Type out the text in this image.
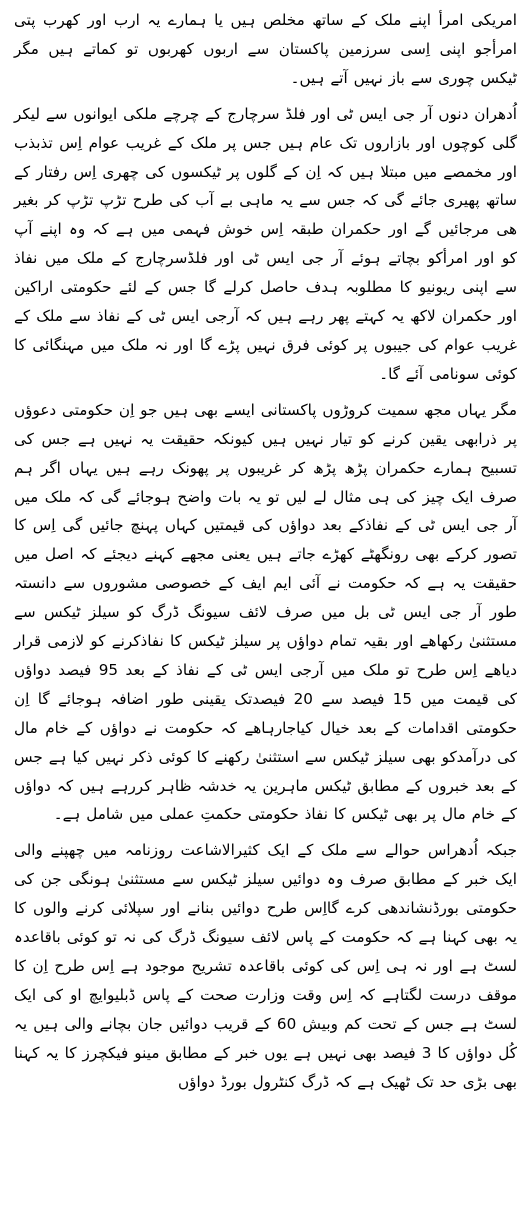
امریکی امرأ اپنے ملک کے ساتھ مخلص ہیں یا ہمارے یہ ارب اور کھرب پتی امرأجو اپنی اِسی سرزمین پاکستان سے اربوں کھربوں تو کماتے ہیں مگر ٹیکس چوری سے باز نہیں آتے ہیں۔

اُدھران دنوں آر جی ایس ٹی اور فلڈ سرچارج کے چرچے ملکی ایوانوں سے لیکر گلی کوچوں اور بازاروں تک عام ہیں جس پر ملک کے غریب عوام اِس تذبذب اور مخمصے میں مبتلا ہیں کہ اِن کے گلوں پر ٹیکسوں کی چھری اِس رفتار کے ساتھ پھیری جائے گی کہ جس سے یہ ماہی بے آب کی طرح تڑپ تڑپ کر بغیر ھی مرجائیں گے اور حکمران طبقہ اِس خوش فہمی میں ہے کہ وہ اپنے آپ کو اور امرأکو بچاتے ہوئے آر جی ایس ٹی اور فلڈسرچارج کے ملک میں نفاذ سے اپنی ریونیو کا مطلوبہ ہدف حاصل کرلے گا جس کے لئے حکومتی اراکین اور حکمران لاکھ یہ کہتے پھر رہے ہیں کہ آرجی ایس ٹی کے نفاذ سے ملک کے غریب عوام کی جیبوں پر کوئی فرق نہیں پڑے گا اور نہ ملک میں مہنگائی کا کوئی سونامی آئے گا۔

مگر یہاں مجھ سمیت کروڑوں پاکستانی ایسے بھی ہیں جو اِن حکومتی دعوؤں پر ذرابھی یقین کرنے کو تیار نہیں ہیں کیونکہ حقیقت یہ نہیں ہے جس کی تسبیح ہمارے حکمران پڑھ پڑھ کر غریبوں پر پھونک رہے ہیں یہاں اگر ہم صرف ایک چیز کی ہی مثال لے لیں تو یہ بات واضح ہوجائے گی کہ ملک میں آر جی ایس ٹی کے نفاذکے بعد دواؤں کی قیمتیں کہاں پہنچ جائیں گی اِس کا تصور کرکے بھی رونگھٹے کھڑے جاتے ہیں یعنی مجھے کہنے دیجئے کہ اصل میں حقیقت یہ ہے کہ حکومت نے آئی ایم ایف کے خصوصی مشوروں سے دانستہ طور آر جی ایس ٹی بل میں صرف لائف سیونگ ڈرگ کو سیلز ٹیکس سے مستثنیٰ رکھاھے اور بقیہ تمام دواؤں پر سیلز ٹیکس کا نفاذکرنے کو لازمی قرار دیاھے اِس طرح تو ملک میں آرجی ایس ٹی کے نفاذ کے بعد 95 فیصد دواؤں کی قیمت میں 15 فیصد سے 20 فیصدتک یقینی طور اضافہ ہوجائے گا اِن حکومتی اقدامات کے بعد خیال کیاجارہاھے کہ حکومت نے دواؤں کے خام مال کی درآمدکو بھی سیلز ٹیکس سے استثنیٰ رکھنے کا کوئی ذکر نہیں کیا ہے جس کے بعد خبروں کے مطابق ٹیکس ماہرین یہ خدشہ ظاہر کررہے ہیں کہ دواؤں کے خام مال پر بھی ٹیکس کا نفاذ حکومتی حکمتِ عملی میں شامل ہے۔

جبکہ اُدھراس حوالے سے ملک کے ایک کثیرالاشاعت روزنامہ میں چھپنے والی ایک خبر کے مطابق صرف وہ دوائیں سیلز ٹیکس سے مستثنیٰ ہونگی جن کی حکومتی بورڈنشاندھی کرے گااِس طرح دوائیں بنانے اور سپلائی کرنے والوں کا یہ بھی کہنا ہے کہ حکومت کے پاس لائف سیونگ ڈرگ کی نہ تو کوئی باقاعدہ لسٹ ہے اور نہ ہی اِس کی کوئی باقاعدہ تشریح موجود ہے اِس طرح اِن کا موقف درست لگتاہے کہ اِس وقت وزارت صحت کے پاس ڈبلیوایچ او کی ایک لسٹ ہے جس کے تحت کم وبیش 60 کے قریب دوائیں جان بچانے والی ہیں یہ کُل دواؤں کا 3 فیصد بھی نہیں ہے یوں خبر کے مطابق مینو فیکچرز کا یہ کہنا بھی بڑی حد تک ٹھیک ہے کہ ڈرگ کنٹرول بورڈ دواؤں
